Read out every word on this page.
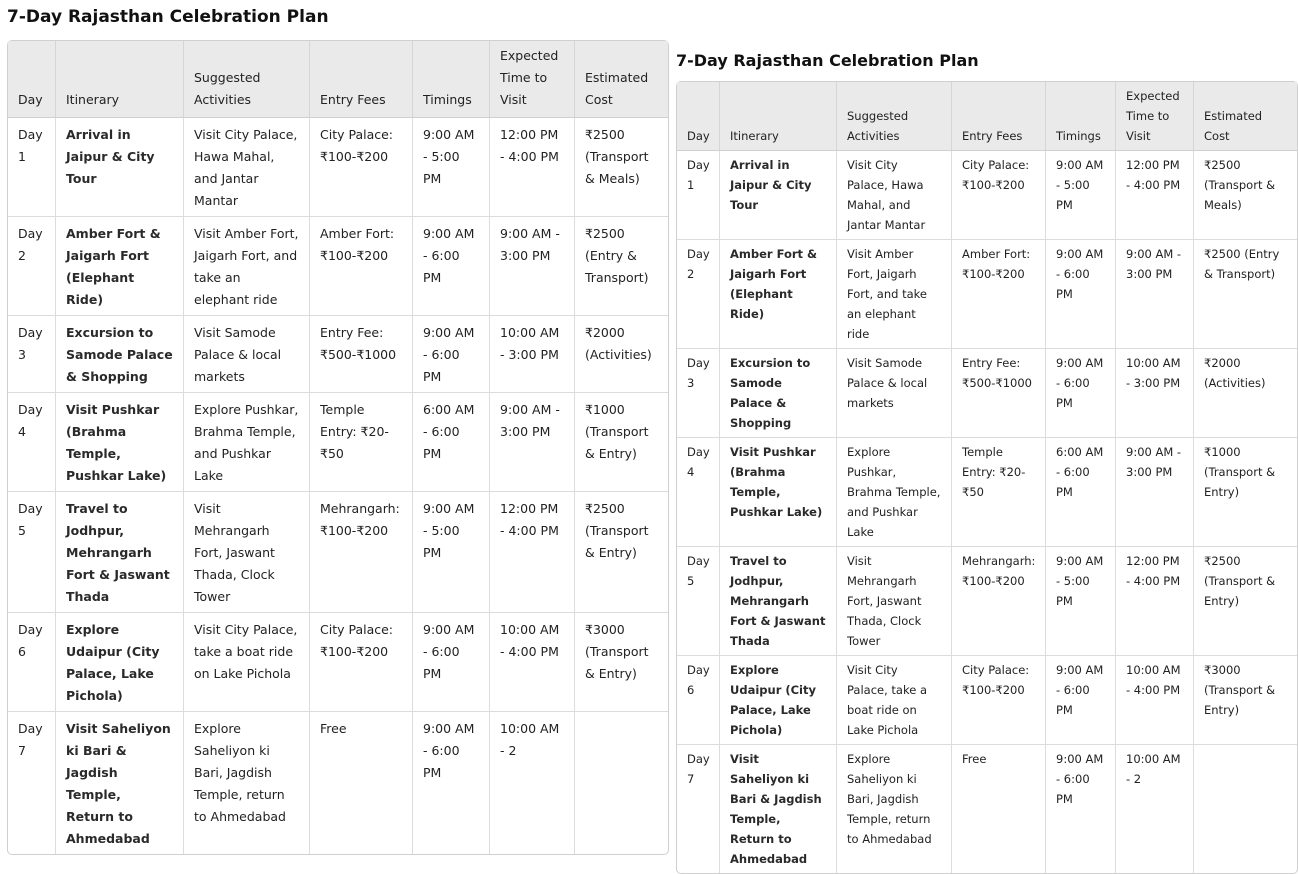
7-Day Rajasthan Celebration Plan
Day	Itinerary	Suggested Activities	Entry Fees	Timings	Expected Time to Visit	Estimated Cost
Day 1	Arrival in Jaipur & City Tour	Visit City Palace, Hawa Mahal, and Jantar Mantar	City Palace: ₹100-₹200	9:00 AM - 5:00 PM	12:00 PM - 4:00 PM	₹2500 (Transport & Meals)
Day 2	Amber Fort & Jaigarh Fort (Elephant Ride)	Visit Amber Fort, Jaigarh Fort, and take an elephant ride	Amber Fort: ₹100-₹200	9:00 AM - 6:00 PM	9:00 AM - 3:00 PM	₹2500 (Entry & Transport)
Day 3	Excursion to Samode Palace & Shopping	Visit Samode Palace & local markets	Entry Fee: ₹500-₹1000	9:00 AM - 6:00 PM	10:00 AM - 3:00 PM	₹2000 (Activities)
Day 4	Visit Pushkar (Brahma Temple, Pushkar Lake)	Explore Pushkar, Brahma Temple, and Pushkar Lake	Temple Entry: ₹20-₹50	6:00 AM - 6:00 PM	9:00 AM - 3:00 PM	₹1000 (Transport & Entry)
Day 5	Travel to Jodhpur, Mehrangarh Fort & Jaswant Thada	Visit Mehrangarh Fort, Jaswant Thada, Clock Tower	Mehrangarh: ₹100-₹200	9:00 AM - 5:00 PM	12:00 PM - 4:00 PM	₹2500 (Transport & Entry)
Day 6	Explore Udaipur (City Palace, Lake Pichola)	Visit City Palace, take a boat ride on Lake Pichola	City Palace: ₹100-₹200	9:00 AM - 6:00 PM	10:00 AM - 4:00 PM	₹3000 (Transport & Entry)
Day 7	Visit Saheliyon ki Bari & Jagdish Temple, Return to Ahmedabad	Explore Saheliyon ki Bari, Jagdish Temple, return to Ahmedabad	Free	9:00 AM - 6:00 PM	10:00 AM - 2	
7-Day Rajasthan Celebration Plan
Day	Itinerary	Suggested Activities	Entry Fees	Timings	Expected Time to Visit	Estimated Cost
Day 1	Arrival in Jaipur & City Tour	Visit City Palace, Hawa Mahal, and Jantar Mantar	City Palace: ₹100-₹200	9:00 AM - 5:00 PM	12:00 PM - 4:00 PM	₹2500 (Transport & Meals)
Day 2	Amber Fort & Jaigarh Fort (Elephant Ride)	Visit Amber Fort, Jaigarh Fort, and take an elephant ride	Amber Fort: ₹100-₹200	9:00 AM - 6:00 PM	9:00 AM - 3:00 PM	₹2500 (Entry & Transport)
Day 3	Excursion to Samode Palace & Shopping	Visit Samode Palace & local markets	Entry Fee: ₹500-₹1000	9:00 AM - 6:00 PM	10:00 AM - 3:00 PM	₹2000 (Activities)
Day 4	Visit Pushkar (Brahma Temple, Pushkar Lake)	Explore Pushkar, Brahma Temple, and Pushkar Lake	Temple Entry: ₹20-₹50	6:00 AM - 6:00 PM	9:00 AM - 3:00 PM	₹1000 (Transport & Entry)
Day 5	Travel to Jodhpur, Mehrangarh Fort & Jaswant Thada	Visit Mehrangarh Fort, Jaswant Thada, Clock Tower	Mehrangarh: ₹100-₹200	9:00 AM - 5:00 PM	12:00 PM - 4:00 PM	₹2500 (Transport & Entry)
Day 6	Explore Udaipur (City Palace, Lake Pichola)	Visit City Palace, take a boat ride on Lake Pichola	City Palace: ₹100-₹200	9:00 AM - 6:00 PM	10:00 AM - 4:00 PM	₹3000 (Transport & Entry)
Day 7	Visit Saheliyon ki Bari & Jagdish Temple, Return to Ahmedabad	Explore Saheliyon ki Bari, Jagdish Temple, return to Ahmedabad	Free	9:00 AM - 6:00 PM	10:00 AM - 2	
